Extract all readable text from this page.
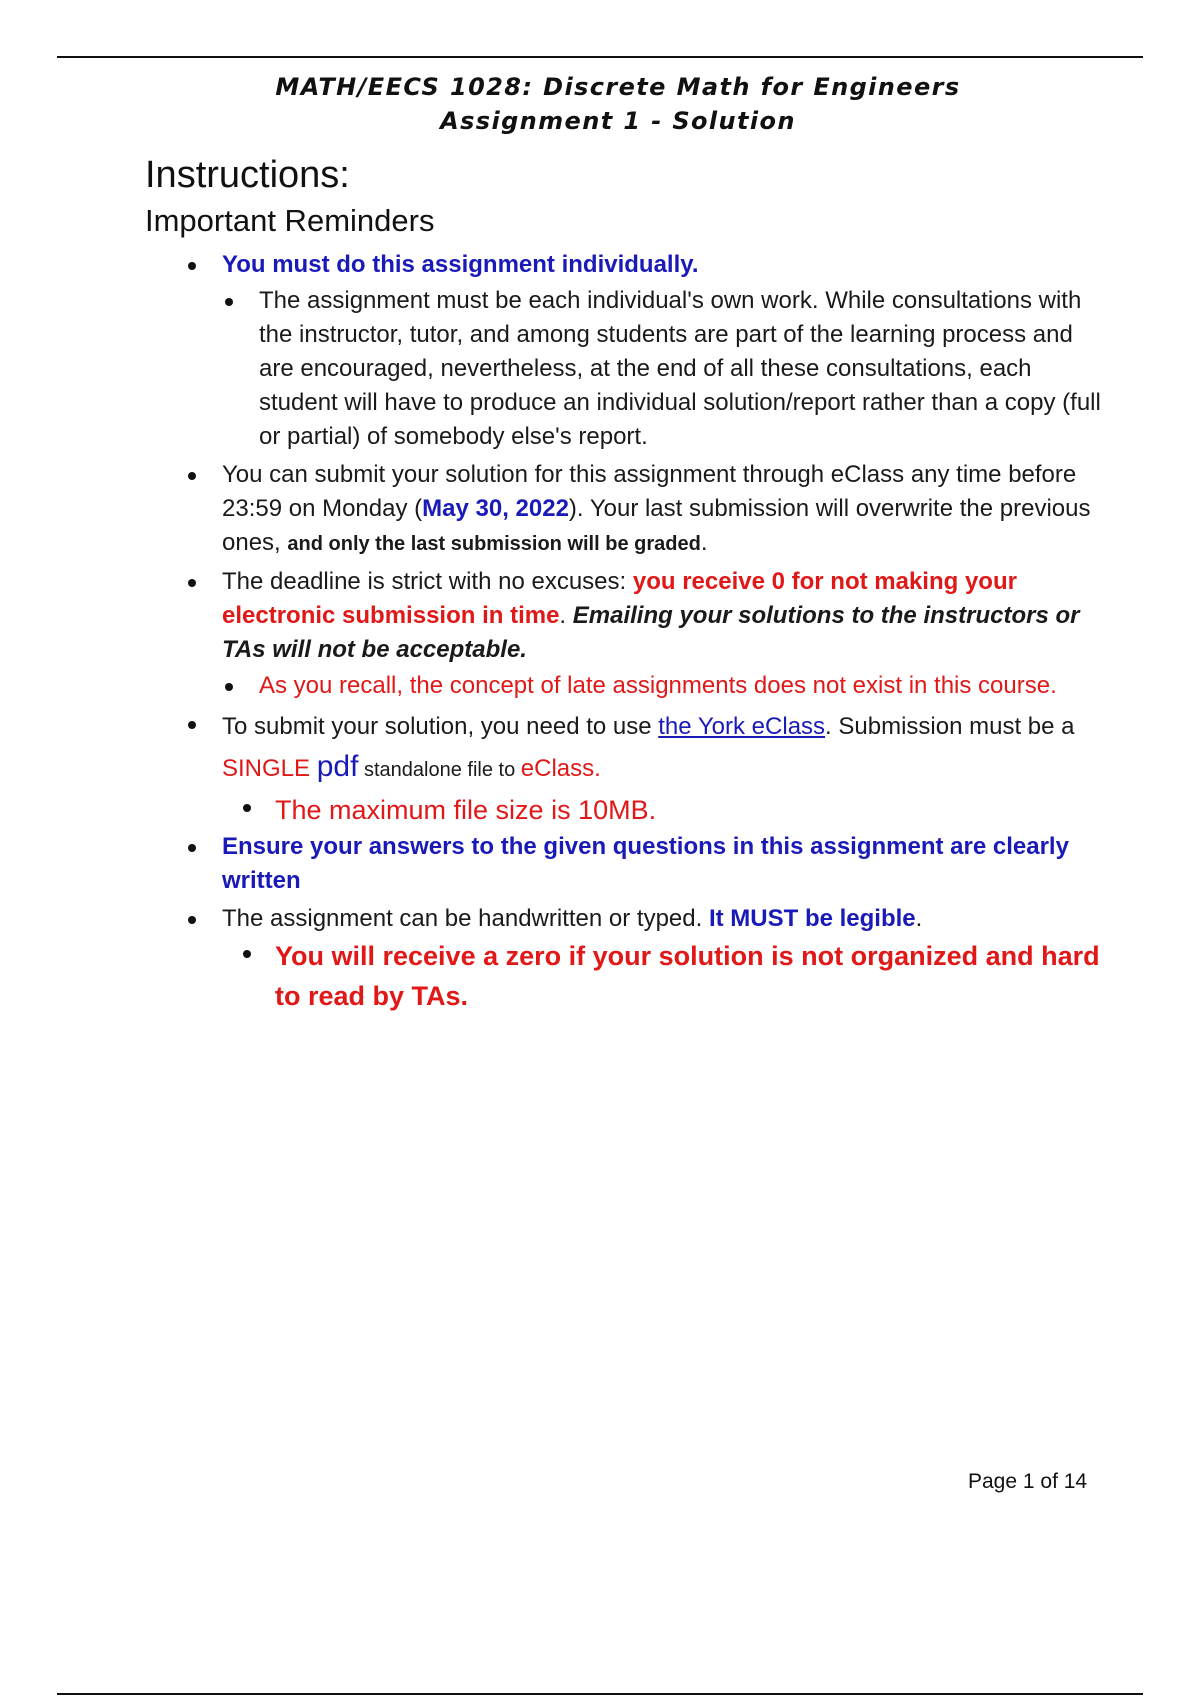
MATH/EECS 1028: Discrete Math for Engineers
Assignment 1 - Solution
Instructions:
Important Reminders
You must do this assignment individually.
The assignment must be each individual's own work. While consultations with the instructor, tutor, and among students are part of the learning process and are encouraged, nevertheless, at the end of all these consultations, each student will have to produce an individual solution/report rather than a copy (full or partial) of somebody else's report.
You can submit your solution for this assignment through eClass any time before 23:59 on Monday (May 30, 2022). Your last submission will overwrite the previous ones, and only the last submission will be graded.
The deadline is strict with no excuses: you receive 0 for not making your electronic submission in time. Emailing your solutions to the instructors or TAs will not be acceptable.
As you recall, the concept of late assignments does not exist in this course.
To submit your solution, you need to use the York eClass. Submission must be a SINGLE pdf standalone file to eClass.
The maximum file size is 10MB.
Ensure your answers to the given questions in this assignment are clearly written
The assignment can be handwritten or typed. It MUST be legible.
You will receive a zero if your solution is not organized and hard to read by TAs.
Page 1 of 14
